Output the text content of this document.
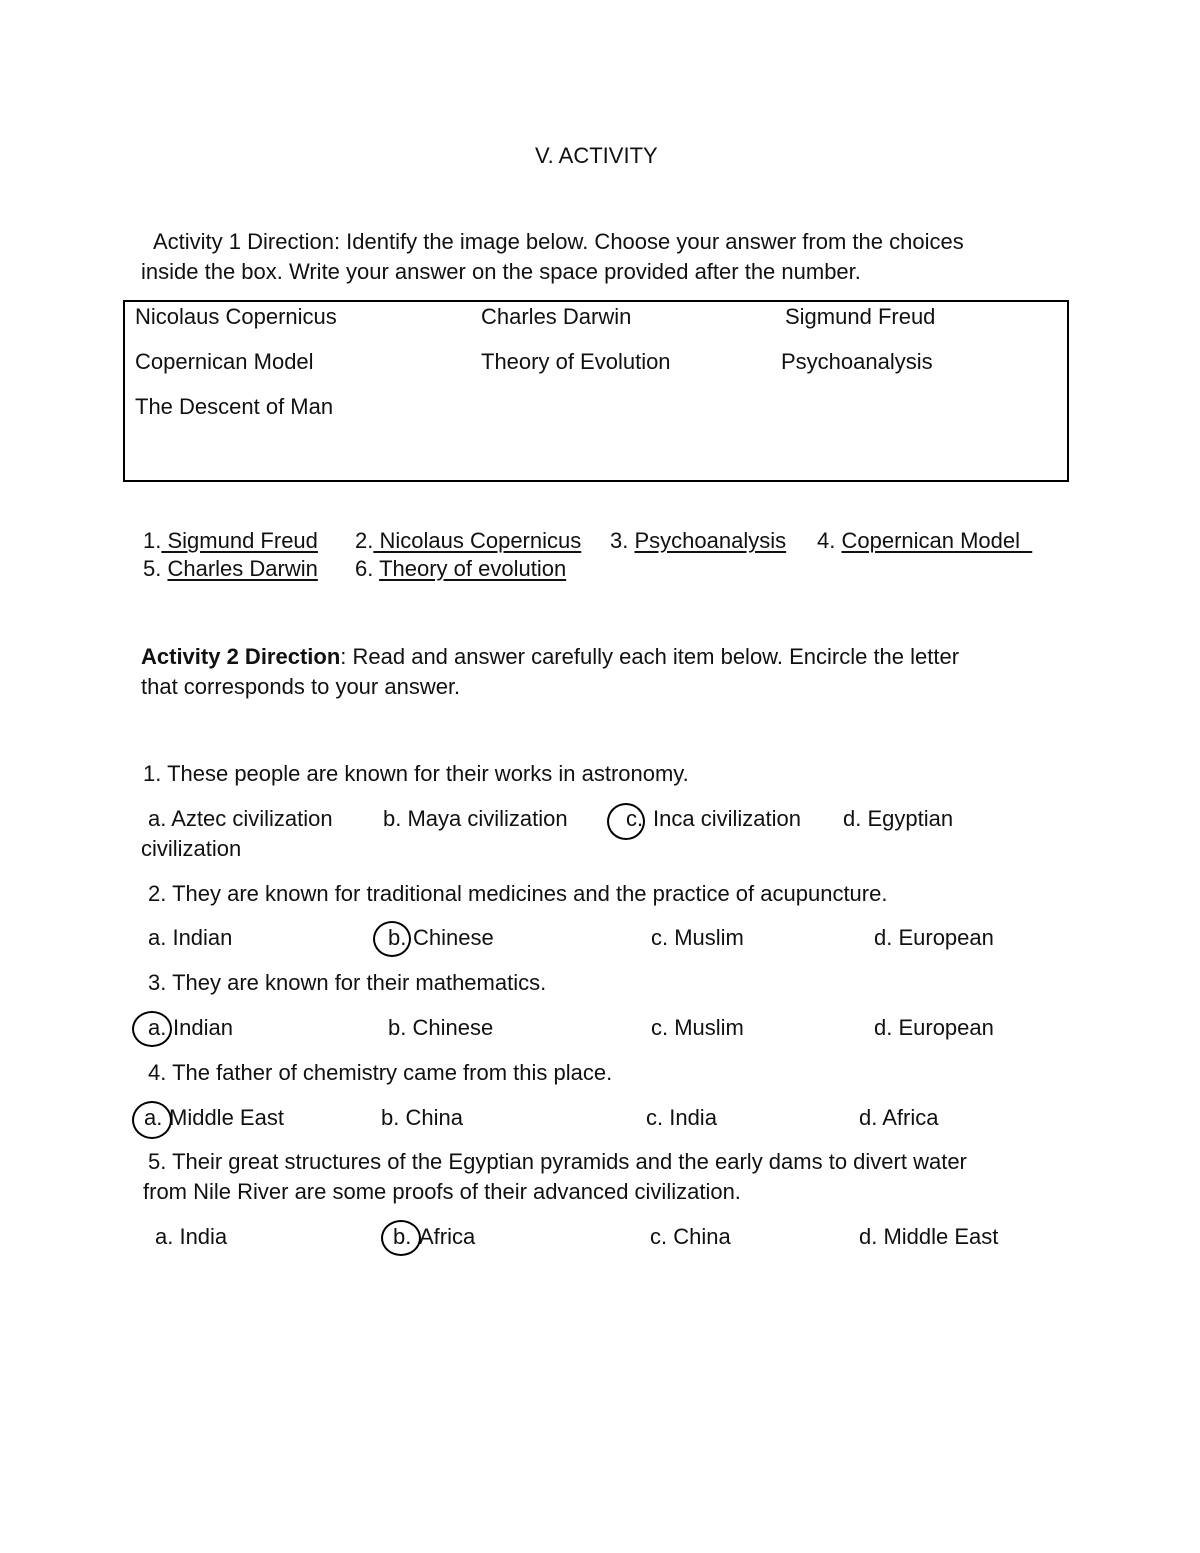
V. ACTIVITY
Activity 1 Direction: Identify the image below. Choose your answer from the choices
inside the box. Write your answer on the space provided after the number.
Nicolaus Copernicus	Charles Darwin	Sigmund Freud
Copernican Model	Theory of Evolution	Psychoanalysis
The Descent of Man
1. Sigmund Freud 2. Nicolaus Copernicus 3. Psychoanalysis 4. Copernican Model
5. Charles Darwin 6. Theory of evolution
Activity 2 Direction: Read and answer carefully each item below. Encircle the letter
that corresponds to your answer.
1. These people are known for their works in astronomy.
a. Aztec civilization b. Maya civilization	c. Inca civilization d. Egyptian
civilization
2. They are known for traditional medicines and the practice of acupuncture.
a. Indian	b. Chinese	c. Muslim	d. European
3. They are known for their mathematics.
a. Indian	b. Chinese	c. Muslim	d. European
4. The father of chemistry came from this place.
a. Middle East	b. China	c. India	d. Africa
5. Their great structures of the Egyptian pyramids and the early dams to divert water
from Nile River are some proofs of their advanced civilization.
a. India	b. Africa	c. China	d. Middle East
